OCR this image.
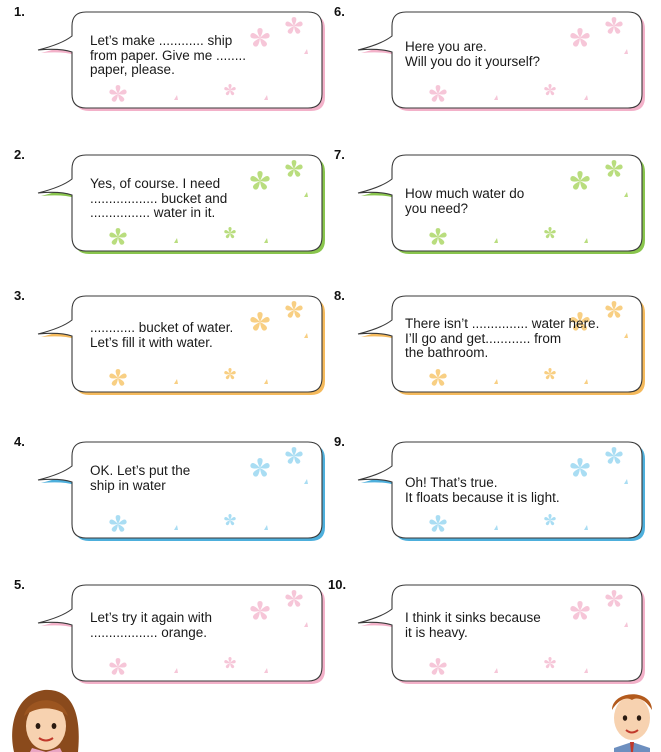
1.
Let’s make ............ ship
from paper. Give me ........
paper, please.
2.
Yes, of course. I need
.................. bucket and
................ water in it.
3.
............ bucket of water.
Let’s fill it with water.
4.
OK. Let’s put the
ship in water
5.
Let’s try it again with
.................. orange.
6.
Here you are.
Will you do it yourself?
7.
How much water do
you need?
8.
There isn’t ............... water here.
I’ll go and get............ from
the bathroom.
9.
Oh! That’s true.
It floats because it is light.
10.
I think it sinks because
it is heavy.
